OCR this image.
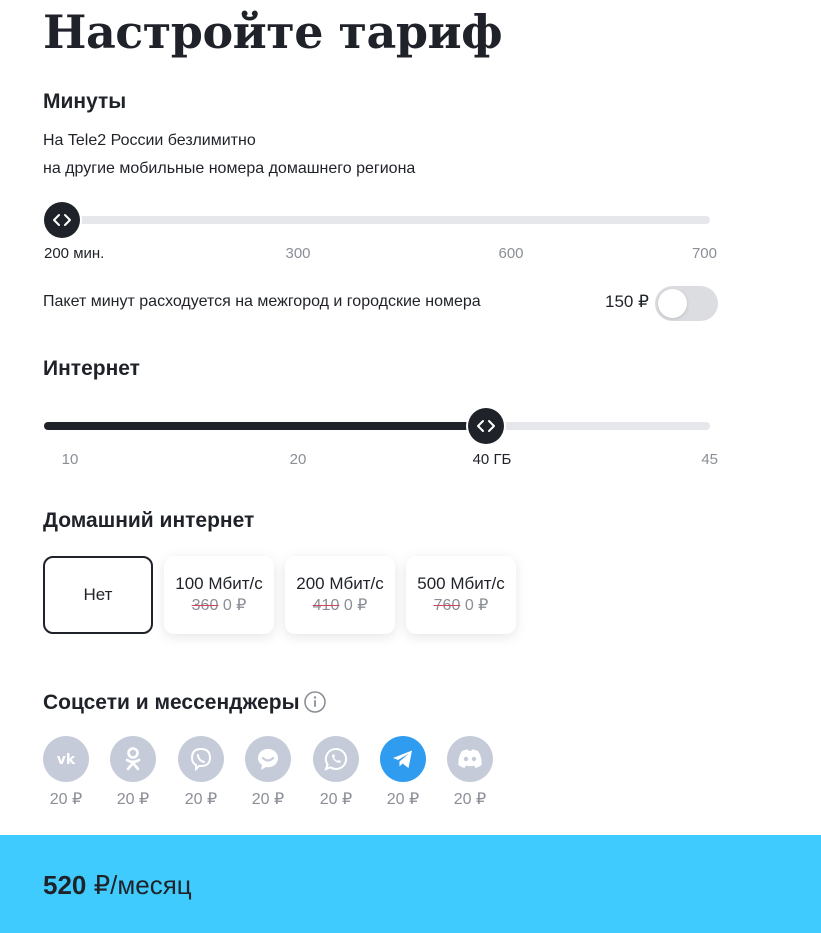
Настройте тариф
Минуты
На Tele2 России безлимитно
на другие мобильные номера домашнего региона
200 мин.	300	600	700
Пакет минут расходуется на межгород и городские номера	150 ₽
Интернет
10	20	40 ГБ	45
Домашний интернет
Нет
100 Мбит/с
360 0 ₽
200 Мбит/с
410 0 ₽
500 Мбит/с
760 0 ₽
Соцсети и мессенджеры
vk
20 ₽	20 ₽	20 ₽	20 ₽	20 ₽	20 ₽	20 ₽
520 ₽/месяц
